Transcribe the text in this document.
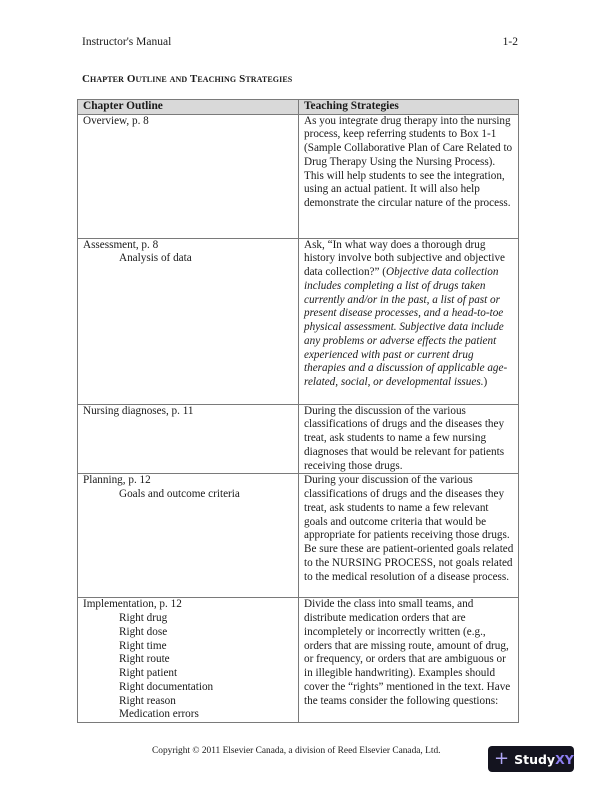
Instructor's Manual	1-2
Chapter Outline and Teaching Strategies
Chapter Outline	Teaching Strategies

Overview, p. 8	As you integrate drug therapy into the nursing process, keep referring students to Box 1-1 (Sample Collaborative Plan of Care Related to Drug Therapy Using the Nursing Process). This will help students to see the integration, using an actual patient. It will also help demonstrate the circular nature of the process.

Assessment, p. 8
Analysis of data	Ask, “In what way does a thorough drug history involve both subjective and objective data collection?” (Objective data collection includes completing a list of drugs taken currently and/or in the past, a list of past or present disease processes, and a head-to-toe physical assessment. Subjective data include any problems or adverse effects the patient experienced with past or current drug therapies and a discussion of applicable age-related, social, or developmental issues.)

Nursing diagnoses, p. 11	During the discussion of the various classifications of drugs and the diseases they treat, ask students to name a few nursing diagnoses that would be relevant for patients receiving those drugs.

Planning, p. 12
Goals and outcome criteria	During your discussion of the various classifications of drugs and the diseases they treat, ask students to name a few relevant goals and outcome criteria that would be appropriate for patients receiving those drugs. Be sure these are patient-oriented goals related to the NURSING PROCESS, not goals related to the medical resolution of a disease process.

Implementation, p. 12
Right drug
Right dose
Right time
Right route
Right patient
Right documentation
Right reason
Medication errors
	Divide the class into small teams, and distribute medication orders that are incompletely or incorrectly written (e.g., orders that are missing route, amount of drug, or frequency, or orders that are ambiguous or in illegible handwriting). Examples should cover the “rights” mentioned in the text. Have the teams consider the following questions:
Copyright © 2011 Elsevier Canada, a division of Reed Elsevier Canada, Ltd.	+ Study XY
